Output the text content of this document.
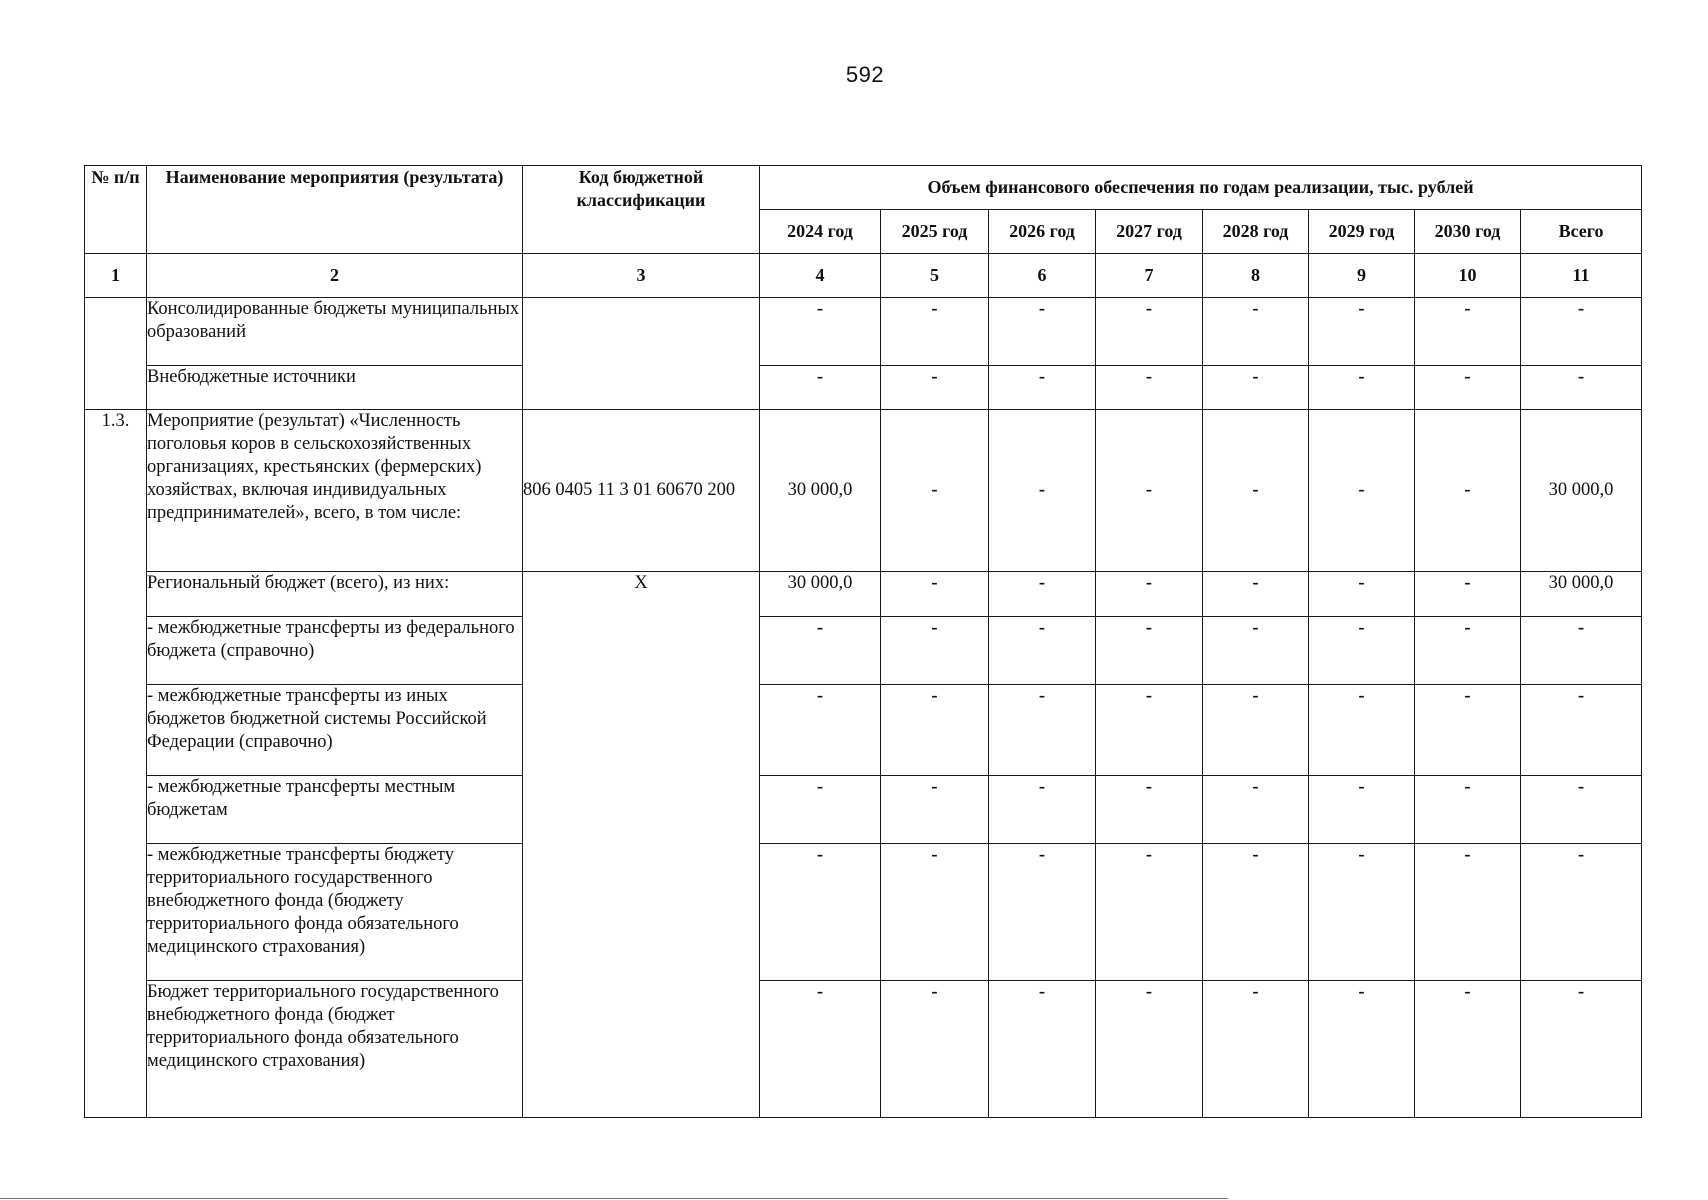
592
№ п/п	Наименование мероприятия (результата)	Код бюджетной классификации	Объем финансового обеспечения по годам реализации, тыс. рублей							
			2024 год	2025 год	2026 год	2027 год	2028 год	2029 год	2030 год	Всего
1	2	3	4	5	6	7	8	9	10	11
	Консолидированные бюджеты муниципальных образований		-	-	-	-	-	-	-	-
	Внебюджетные источники		-	-	-	-	-	-	-	-
1.3.	Мероприятие (результат) «Численность поголовья коров в сельскохозяйственных организациях, крестьянских (фермерских) хозяйствах, включая индивидуальных предпринимателей», всего, в том числе:	806 0405 11 3 01 60670 200	30 000,0	-	-	-	-	-	-	30 000,0
	Региональный бюджет (всего), из них:	X	30 000,0	-	-	-	-	-	-	30 000,0
	- межбюджетные трансферты из федерального бюджета (справочно)		-	-	-	-	-	-	-	-
	- межбюджетные трансферты из иных бюджетов бюджетной системы Российской Федерации (справочно)		-	-	-	-	-	-	-	-
	- межбюджетные трансферты местным бюджетам		-	-	-	-	-	-	-	-
	- межбюджетные трансферты бюджету территориального государственного внебюджетного фонда (бюджету территориального фонда обязательного медицинского страхования)		-	-	-	-	-	-	-	-
	Бюджет территориального государственного внебюджетного фонда (бюджет территориального фонда обязательного медицинского страхования)		-	-	-	-	-	-	-	-
